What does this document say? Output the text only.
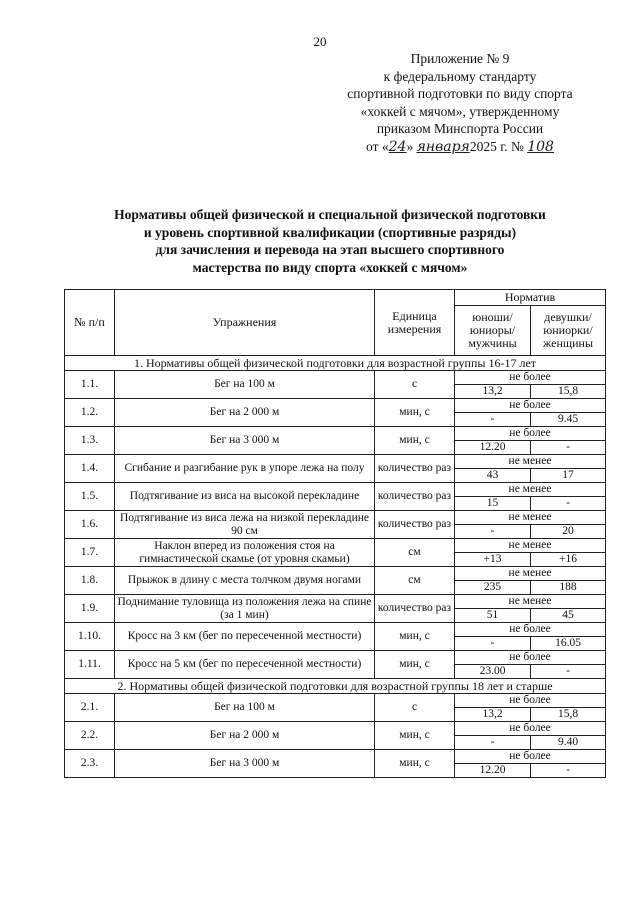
20
Приложение № 9
к федеральному стандарту
спортивной подготовки по виду спорта
«хоккей с мячом», утвержденному
приказом Минспорта России
от «24» января2025 г. № 108
Нормативы общей физической и специальной физической подготовки
и уровень спортивной квалификации (спортивные разряды)
для зачисления и перевода на этап высшего спортивного
мастерства по виду спорта «хоккей с мячом»
№ п/п	Упражнения	Единица измерения	Норматив	
			юноши/ юниоры/ мужчины	девушки/ юниорки/ женщины
1. Нормативы общей физической подготовки для возрастной группы 16-17 лет				
1.1.	Бег на 100 м	с	не более	
			13,2	15,8
1.2.	Бег на 2 000 м	мин, с	не более	
			-	9.45
1.3.	Бег на 3 000 м	мин, с	не более	
			12.20	-
1.4.	Сгибание и разгибание рук в упоре лежа на полу	количество раз	не менее	
			43	17
1.5.	Подтягивание из виса на высокой перекладине	количество раз	не менее	
			15	-
1.6.	Подтягивание из виса лежа на низкой перекладине 90 см	количество раз	не менее	
			-	20
1.7.	Наклон вперед из положения стоя на гимнастической скамье (от уровня скамьи)	см	не менее	
			+13	+16
1.8.	Прыжок в длину с места толчком двумя ногами	см	не менее	
			235	188
1.9.	Поднимание туловища из положения лежа на спине (за 1 мин)	количество раз	не менее	
			51	45
1.10.	Кросс на 3 км (бег по пересеченной местности)	мин, с	не более	
			-	16.05
1.11.	Кросс на 5 км (бег по пересеченной местности)	мин, с	не более	
			23.00	-
2. Нормативы общей физической подготовки для возрастной группы 18 лет и старше				
2.1.	Бег на 100 м	с	не более	
			13,2	15,8
2.2.	Бег на 2 000 м	мин, с	не более	
			-	9.40
2.3.	Бег на 3 000 м	мин, с	не более	
			12.20	-
